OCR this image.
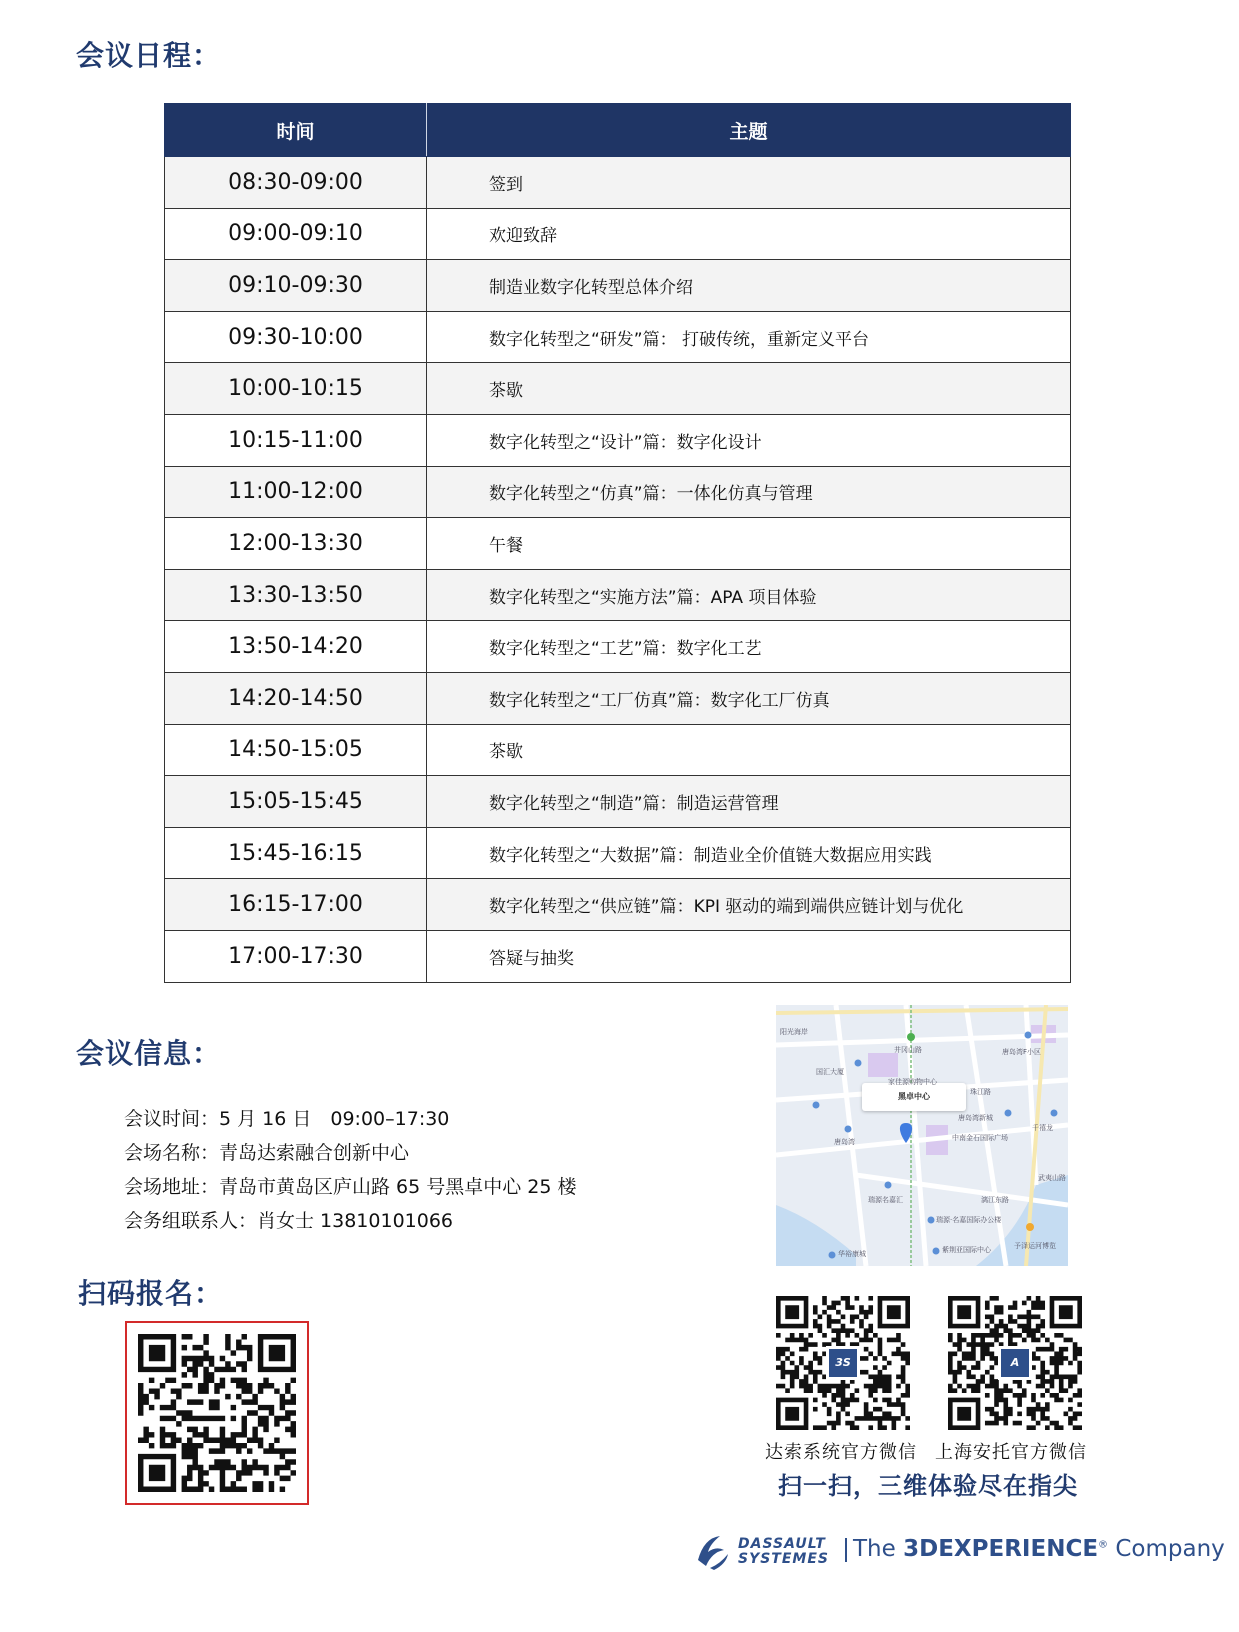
会议日程：
时间	主题
08:30-09:00	签到
09:00-09:10	欢迎致辞
09:10-09:30	制造业数字化转型总体介绍
09:30-10:00	数字化转型之“研发”篇： 打破传统，重新定义平台
10:00-10:15	茶歇
10:15-11:00	数字化转型之“设计”篇：数字化设计
11:00-12:00	数字化转型之“仿真”篇：一体化仿真与管理
12:00-13:30	午餐
13:30-13:50	数字化转型之“实施方法”篇：APA 项目体验
13:50-14:20	数字化转型之“工艺”篇：数字化工艺
14:20-14:50	数字化转型之“工厂仿真”篇：数字化工厂仿真
14:50-15:05	茶歇
15:05-15:45	数字化转型之“制造”篇：制造运营管理
15:45-16:15	数字化转型之“大数据”篇：制造业全价值链大数据应用实践
16:15-17:00	数字化转型之“供应链”篇：KPI 驱动的端到端供应链计划与优化
17:00-17:30	答疑与抽奖
会议信息：
会议时间：5 月 16 日　09:00–17:30
会场名称：青岛达索融合创新中心
会场地址：青岛市黄岛区庐山路 65 号黑卓中心 25 楼
会务组联系人：肖女士 13810101066
黑卓中心
阳光海岸
井冈山路
国汇大厦
家佳源购物中心
唐岛湾F小区
珠江路
唐岛湾
唐岛湾新城
中南金石国际广场
瑞源名嘉汇
瑞源·名嘉国际办公楼
紫荆亚国际中心
华裕康城
千禧龙
予泽运河博览
武夷山路
漓江东路
扫码报名：
3S	A
达索系统官方微信 上海安托官方微信
扫一扫，三维体验尽在指尖
DASSAULT
SYSTEMES The 3DEXPERIENCE® Company
